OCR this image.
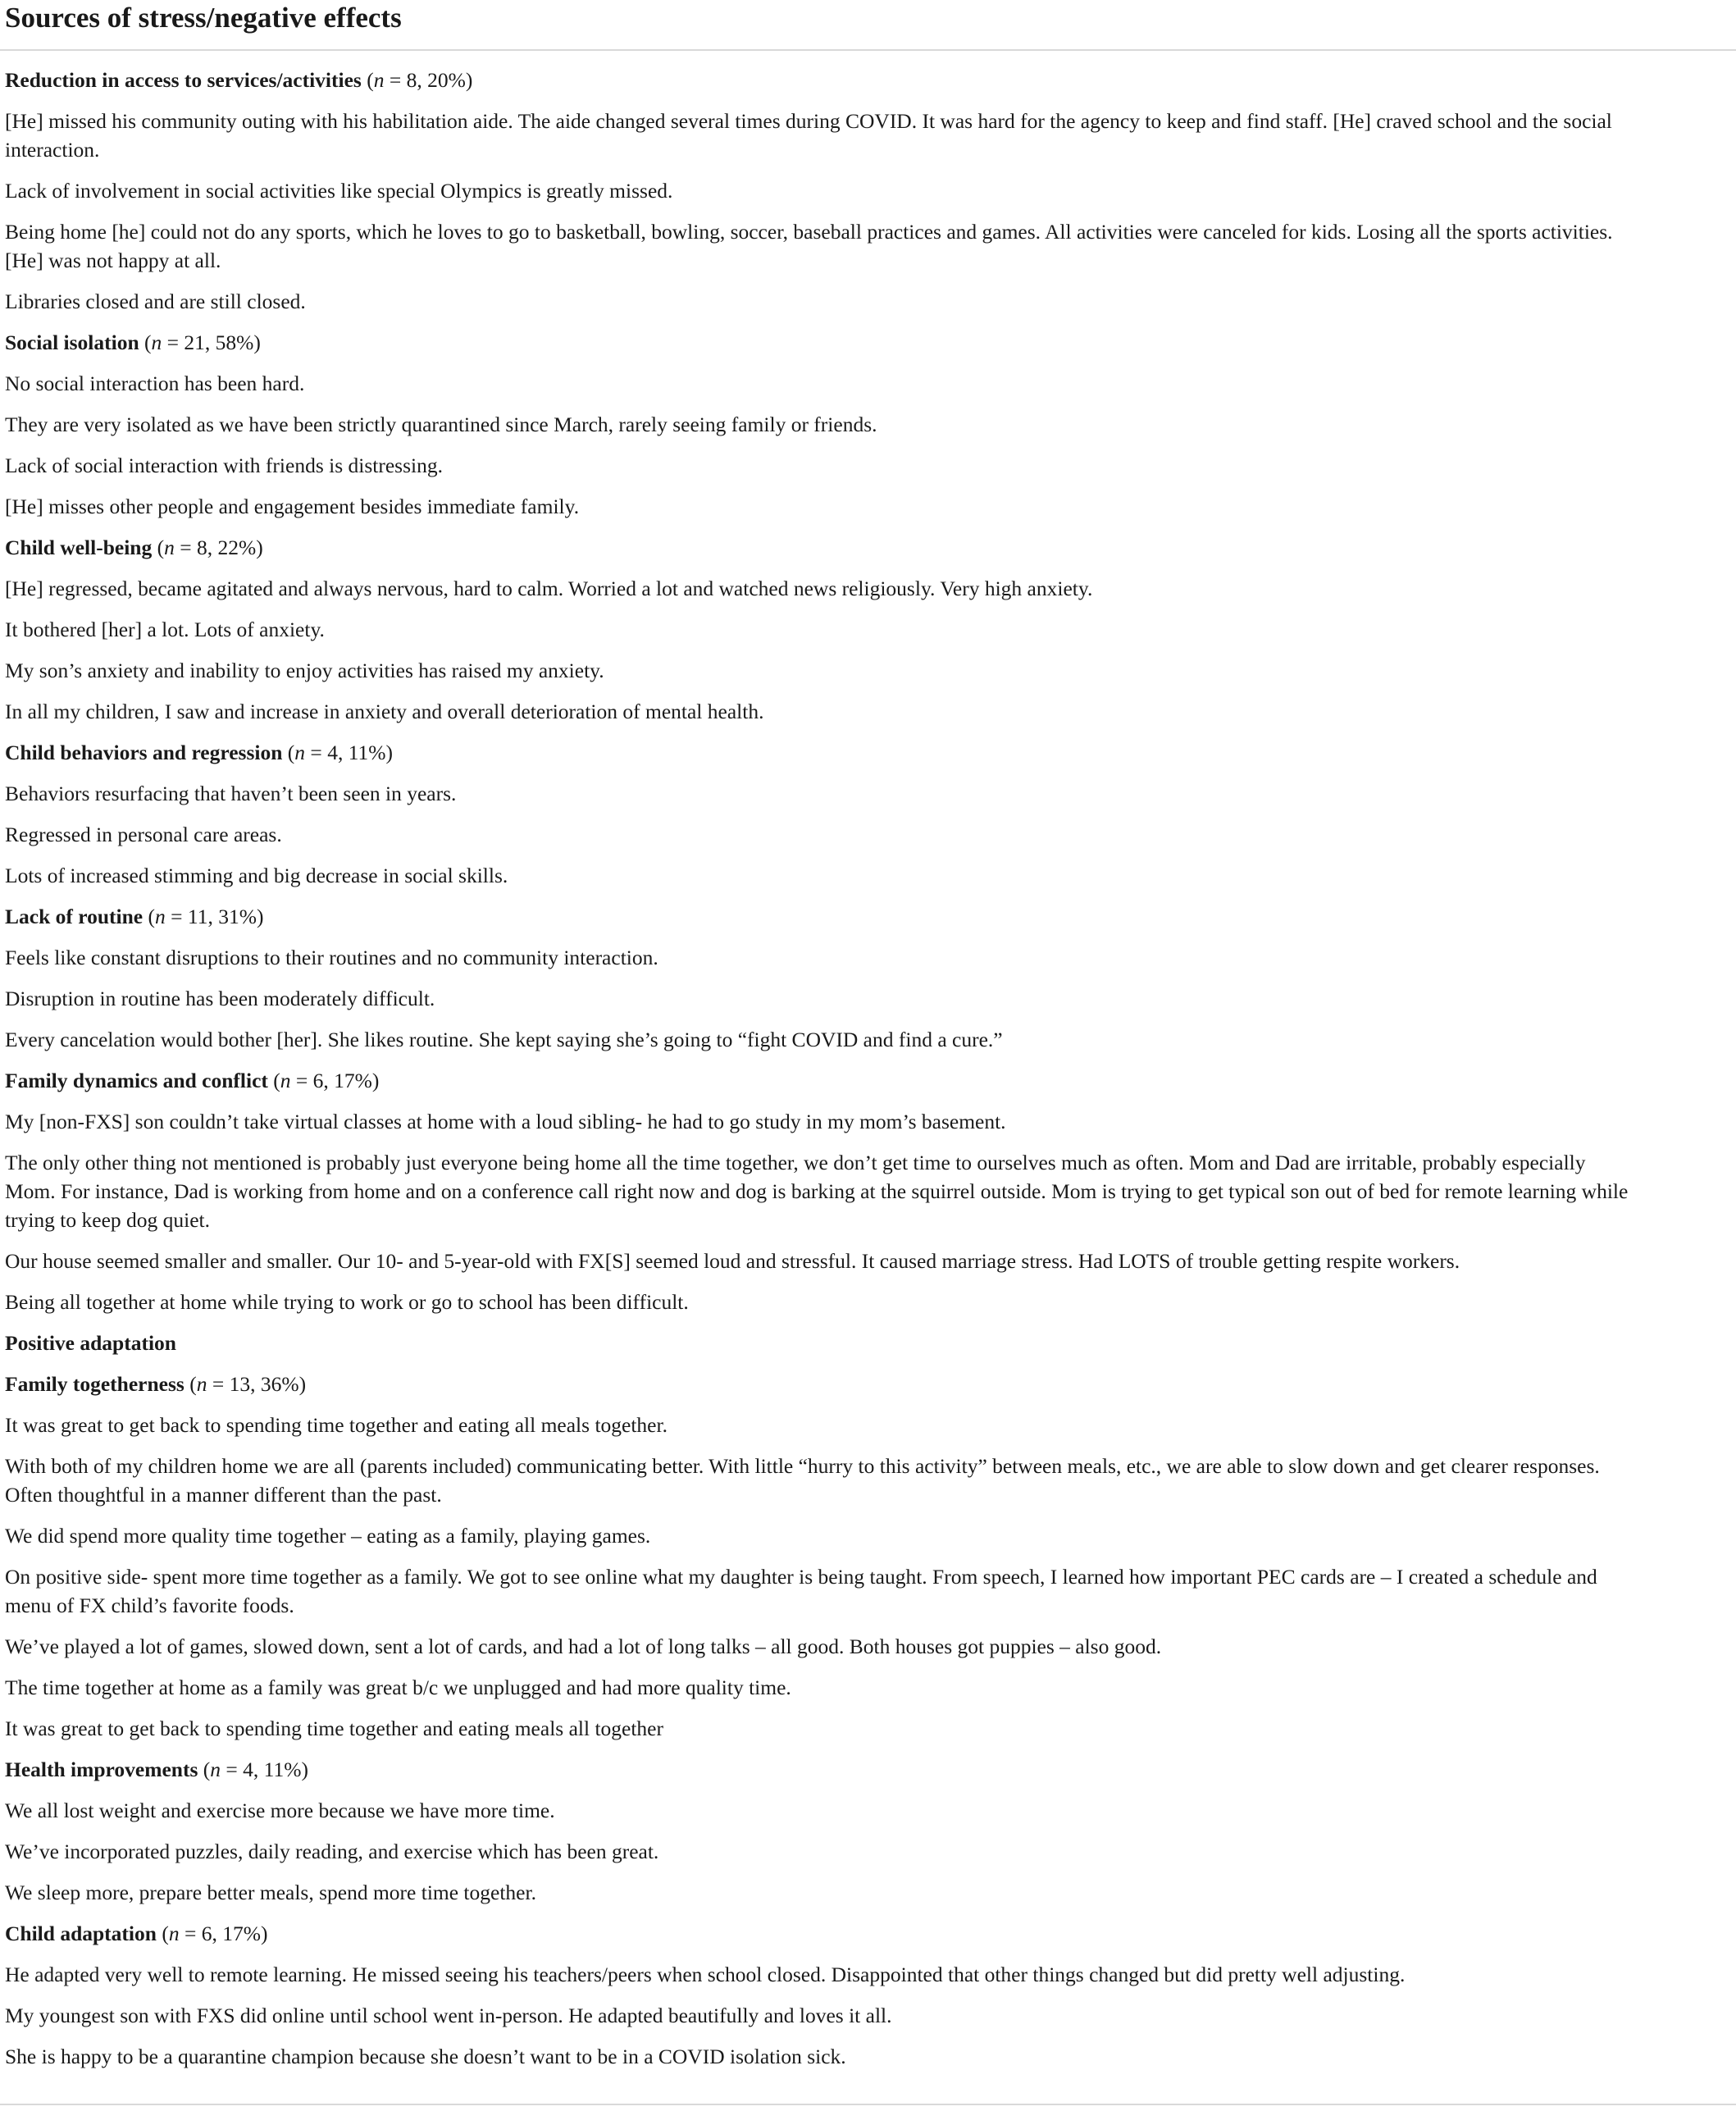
Sources of stress/negative effects
Reduction in access to services/activities (n = 8, 20%)
[He] missed his community outing with his habilitation aide. The aide changed several times during COVID. It was hard for the agency to keep and find staff. [He] craved school and the social interaction.
Lack of involvement in social activities like special Olympics is greatly missed.
Being home [he] could not do any sports, which he loves to go to basketball, bowling, soccer, baseball practices and games. All activities were canceled for kids. Losing all the sports activities. [He] was not happy at all.
Libraries closed and are still closed.
Social isolation (n = 21, 58%)
No social interaction has been hard.
They are very isolated as we have been strictly quarantined since March, rarely seeing family or friends.
Lack of social interaction with friends is distressing.
[He] misses other people and engagement besides immediate family.
Child well-being (n = 8, 22%)
[He] regressed, became agitated and always nervous, hard to calm. Worried a lot and watched news religiously. Very high anxiety.
It bothered [her] a lot. Lots of anxiety.
My son’s anxiety and inability to enjoy activities has raised my anxiety.
In all my children, I saw and increase in anxiety and overall deterioration of mental health.
Child behaviors and regression (n = 4, 11%)
Behaviors resurfacing that haven’t been seen in years.
Regressed in personal care areas.
Lots of increased stimming and big decrease in social skills.
Lack of routine (n = 11, 31%)
Feels like constant disruptions to their routines and no community interaction.
Disruption in routine has been moderately difficult.
Every cancelation would bother [her]. She likes routine. She kept saying she’s going to “fight COVID and find a cure.”
Family dynamics and conflict (n = 6, 17%)
My [non-FXS] son couldn’t take virtual classes at home with a loud sibling- he had to go study in my mom’s basement.
The only other thing not mentioned is probably just everyone being home all the time together, we don’t get time to ourselves much as often. Mom and Dad are irritable, probably especially Mom. For instance, Dad is working from home and on a conference call right now and dog is barking at the squirrel outside. Mom is trying to get typical son out of bed for remote learning while trying to keep dog quiet.
Our house seemed smaller and smaller. Our 10- and 5-year-old with FX[S] seemed loud and stressful. It caused marriage stress. Had LOTS of trouble getting respite workers.
Being all together at home while trying to work or go to school has been difficult.
Positive adaptation
Family togetherness (n = 13, 36%)
It was great to get back to spending time together and eating all meals together.
With both of my children home we are all (parents included) communicating better. With little “hurry to this activity” between meals, etc., we are able to slow down and get clearer responses. Often thoughtful in a manner different than the past.
We did spend more quality time together – eating as a family, playing games.
On positive side- spent more time together as a family. We got to see online what my daughter is being taught. From speech, I learned how important PEC cards are – I created a schedule and menu of FX child’s favorite foods.
We’ve played a lot of games, slowed down, sent a lot of cards, and had a lot of long talks – all good. Both houses got puppies – also good.
The time together at home as a family was great b/c we unplugged and had more quality time.
It was great to get back to spending time together and eating meals all together
Health improvements (n = 4, 11%)
We all lost weight and exercise more because we have more time.
We’ve incorporated puzzles, daily reading, and exercise which has been great.
We sleep more, prepare better meals, spend more time together.
Child adaptation (n = 6, 17%)
He adapted very well to remote learning. He missed seeing his teachers/peers when school closed. Disappointed that other things changed but did pretty well adjusting.
My youngest son with FXS did online until school went in-person. He adapted beautifully and loves it all.
She is happy to be a quarantine champion because she doesn’t want to be in a COVID isolation sick.
